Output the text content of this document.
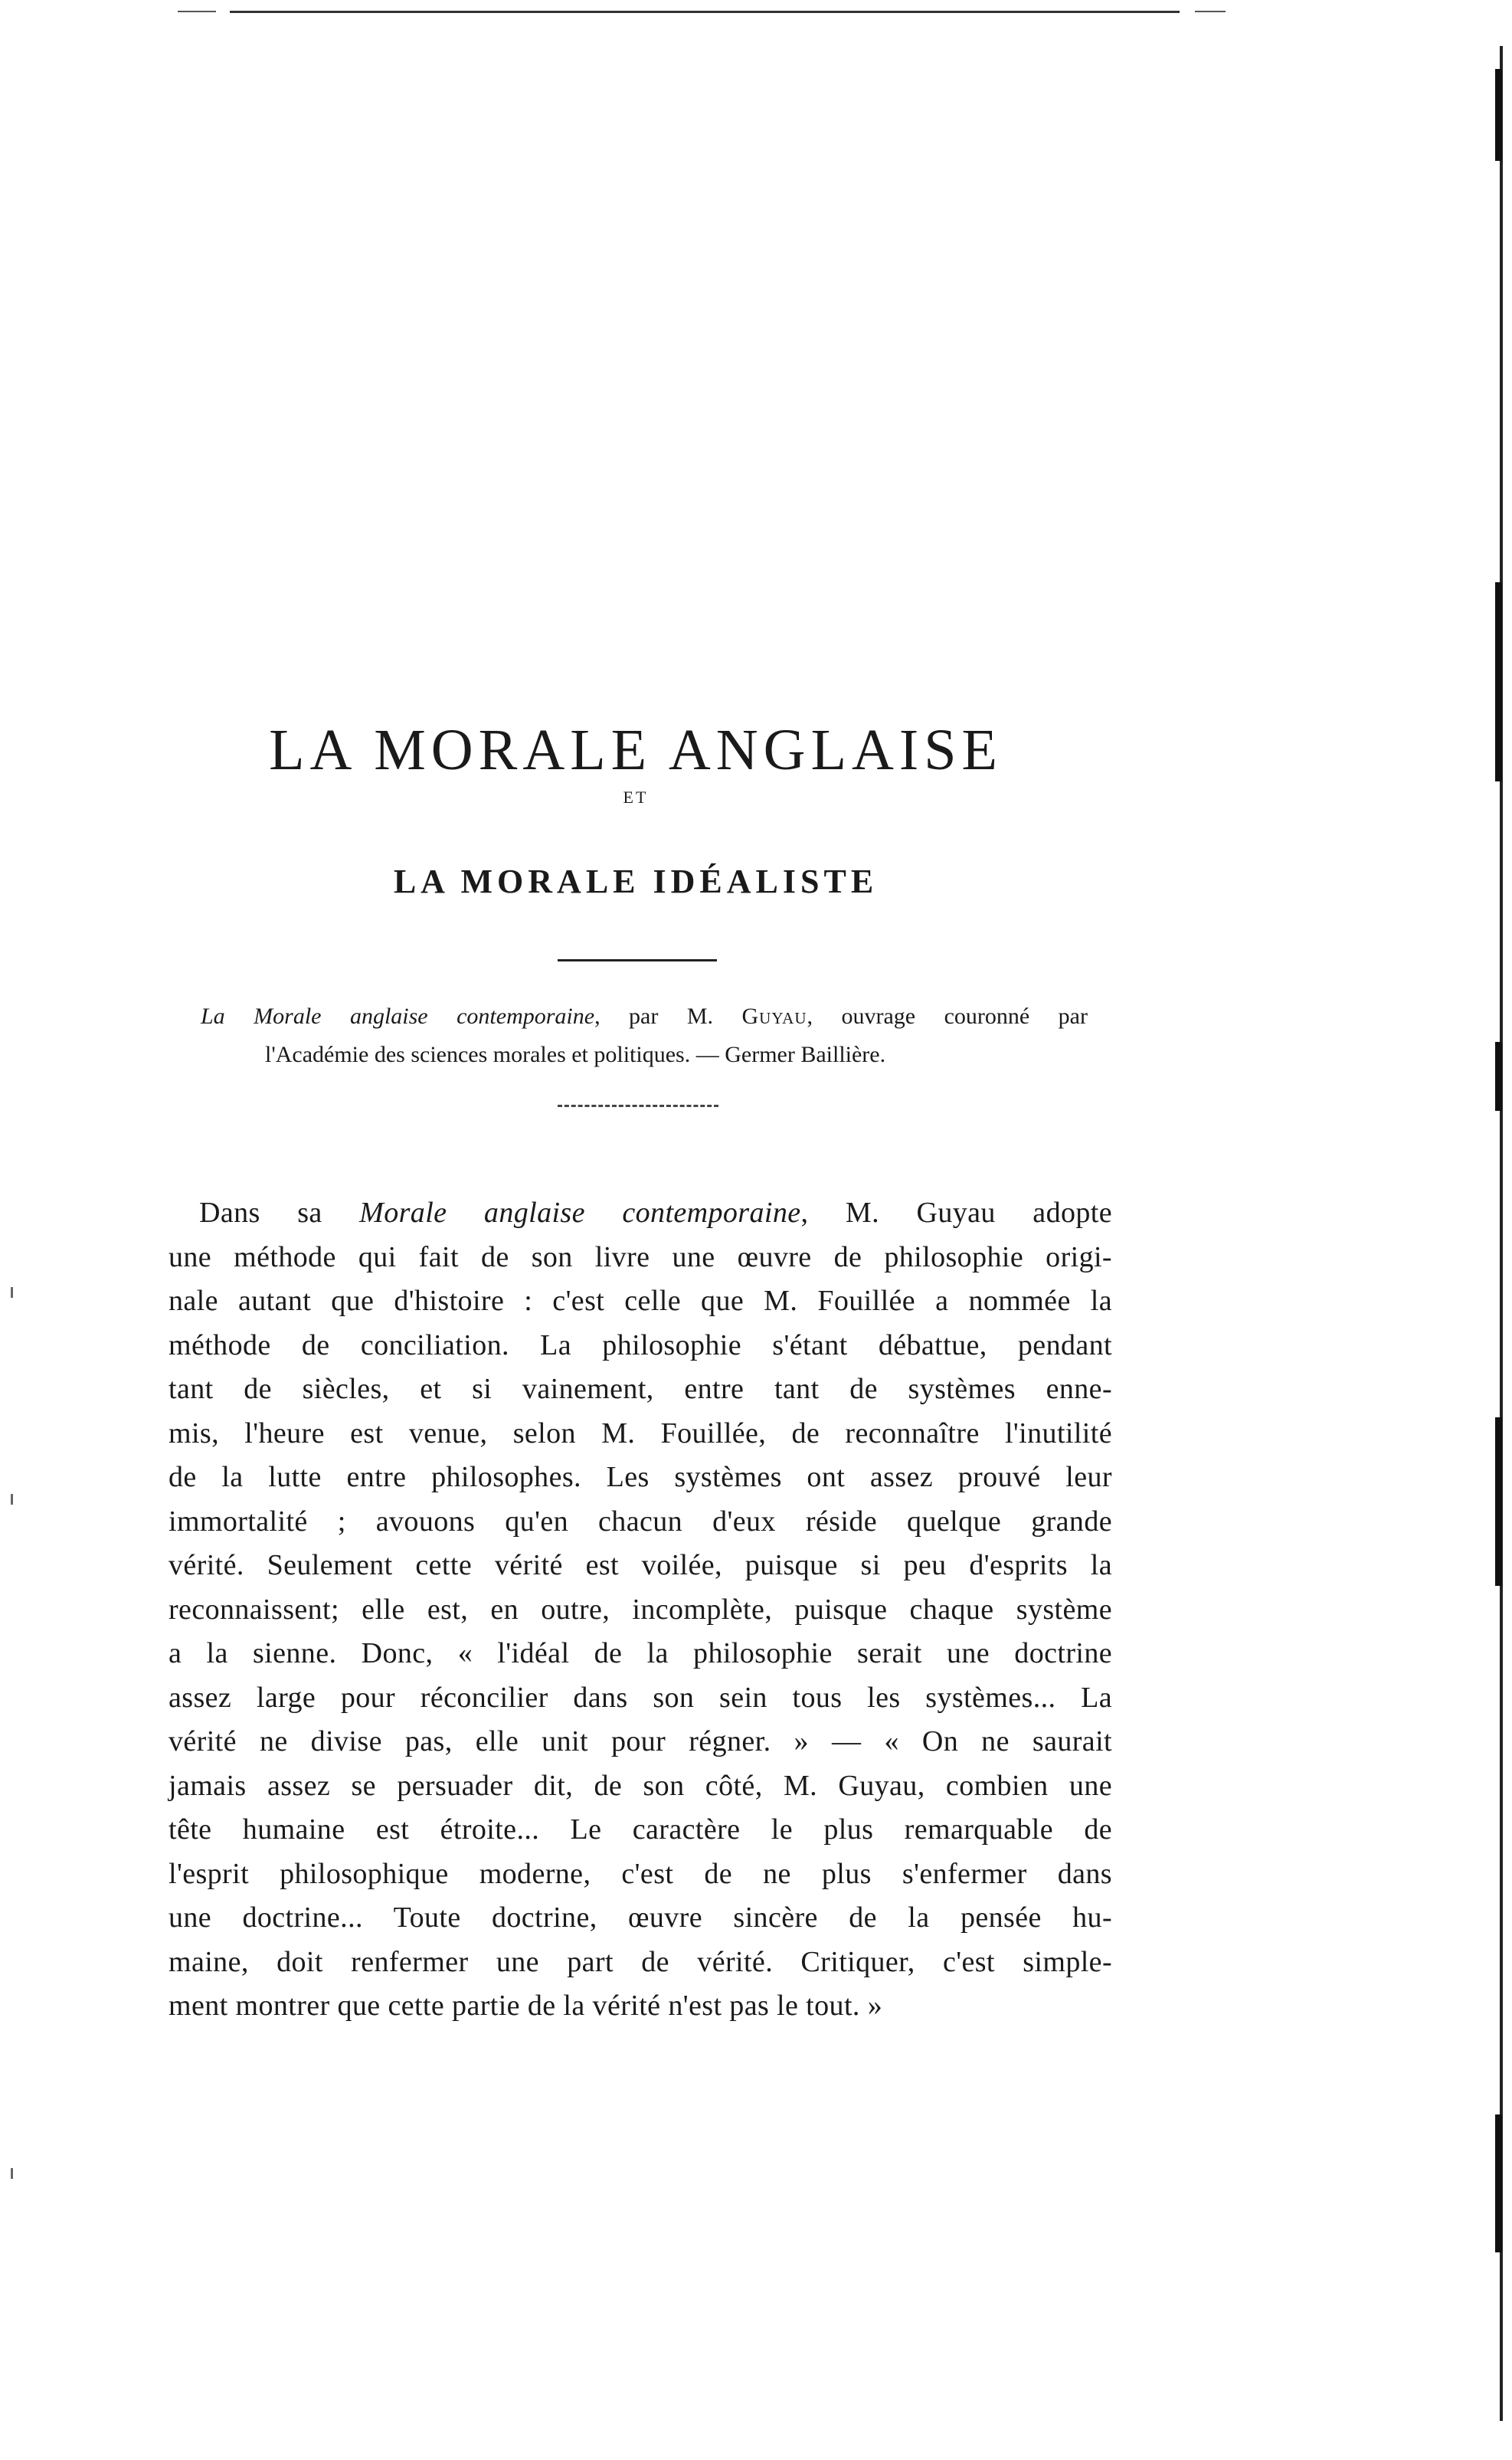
LA MORALE ANGLAISE
ET
LA MORALE IDÉALISTE

La Morale anglaise contemporaine, par M. Guyau, ouvrage couronné par

l'Académie des sciences morales et politiques. — Germer Baillière.

Dans sa Morale anglaise contemporaine, M. Guyau adopte
une méthode qui fait de son livre une œuvre de philosophie origi-
nale autant que d'histoire : c'est celle que M. Fouillée a nommée la
méthode de conciliation. La philosophie s'étant débattue, pendant
tant de siècles, et si vainement, entre tant de systèmes enne-
mis, l'heure est venue, selon M. Fouillée, de reconnaître l'inutilité
de la lutte entre philosophes. Les systèmes ont assez prouvé leur
immortalité ; avouons qu'en chacun d'eux réside quelque grande
vérité. Seulement cette vérité est voilée, puisque si peu d'esprits la
reconnaissent; elle est, en outre, incomplète, puisque chaque système
a la sienne. Donc, « l'idéal de la philosophie serait une doctrine
assez large pour réconcilier dans son sein tous les systèmes... La
vérité ne divise pas, elle unit pour régner. » — « On ne saurait
jamais assez se persuader dit, de son côté, M. Guyau, combien une
tête humaine est étroite... Le caractère le plus remarquable de
l'esprit philosophique moderne, c'est de ne plus s'enfermer dans
une doctrine... Toute doctrine, œuvre sincère de la pensée hu-
maine, doit renfermer une part de vérité. Critiquer, c'est simple-
ment montrer que cette partie de la vérité n'est pas le tout. »
